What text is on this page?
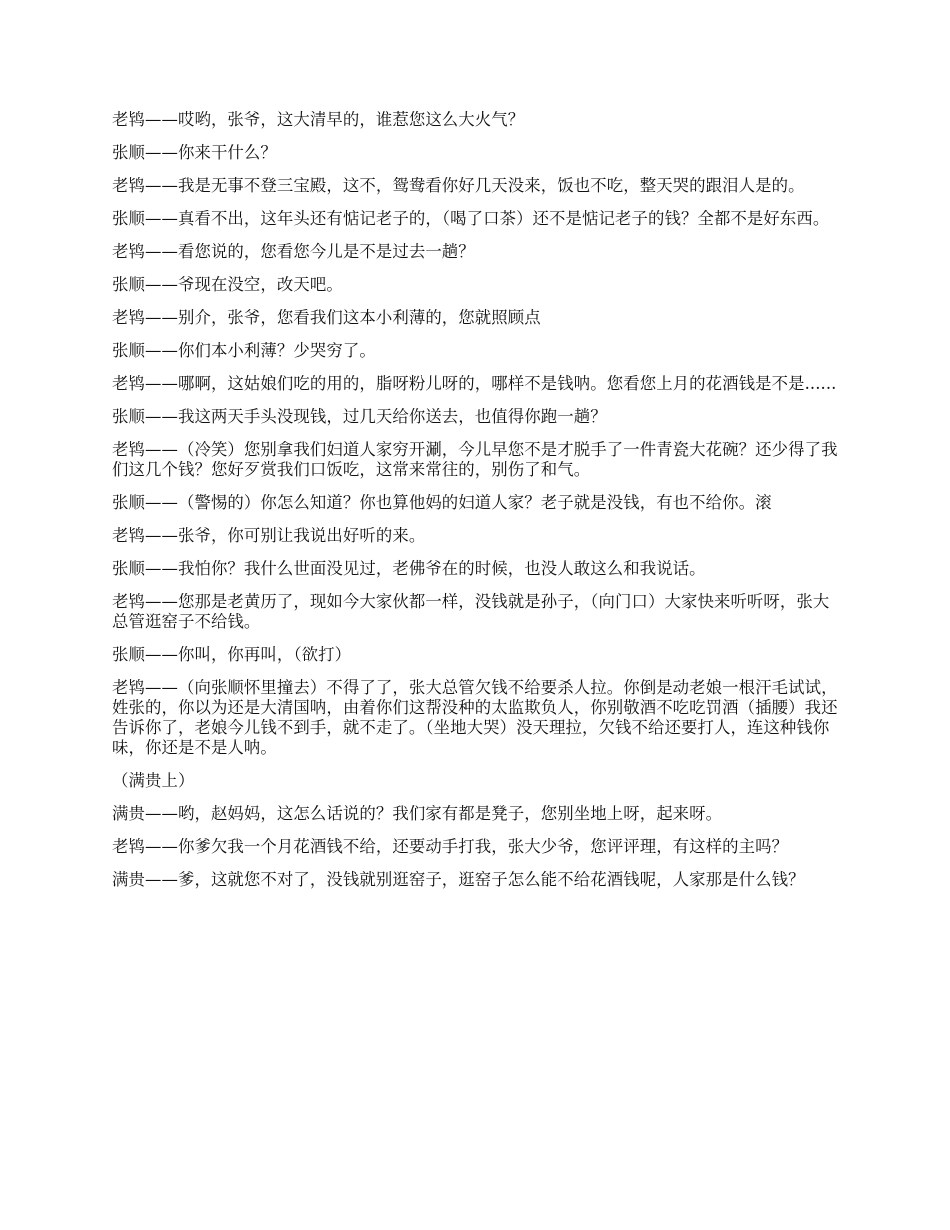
老鸨——哎哟，张爷，这大清早的，谁惹您这么大火气？

张顺——你来干什么？

老鸨——我是无事不登三宝殿，这不，鸳鸯看你好几天没来，饭也不吃，整天哭的跟泪人是的。

张顺——真看不出，这年头还有惦记老子的，（喝了口茶）还不是惦记老子的钱？全都不是好东西。

老鸨——看您说的，您看您今儿是不是过去一趟？

张顺——爷现在没空，改天吧。

老鸨——别介，张爷，您看我们这本小利薄的，您就照顾点

张顺——你们本小利薄？少哭穷了。

老鸨——哪啊，这姑娘们吃的用的，脂呀粉儿呀的，哪样不是钱呐。您看您上月的花酒钱是不是......

张顺——我这两天手头没现钱，过几天给你送去，也值得你跑一趟？

老鸨——（冷笑）您别拿我们妇道人家穷开涮，今儿早您不是才脱手了一件青瓷大花碗？还少得了我们这几个钱？您好歹赏我们口饭吃，这常来常往的，别伤了和气。

张顺——（警惕的）你怎么知道？你也算他妈的妇道人家？老子就是没钱，有也不给你。滚

老鸨——张爷，你可别让我说出好听的来。

张顺——我怕你？我什么世面没见过，老佛爷在的时候，也没人敢这么和我说话。

老鸨——您那是老黄历了，现如今大家伙都一样，没钱就是孙子，（向门口）大家快来听听呀，张大总管逛窑子不给钱。

张顺——你叫，你再叫，（欲打）

老鸨——（向张顺怀里撞去）不得了了，张大总管欠钱不给要杀人拉。你倒是动老娘一根汗毛试试，姓张的，你以为还是大清国呐，由着你们这帮没种的太监欺负人，你别敬酒不吃吃罚酒（插腰）我还告诉你了，老娘今儿钱不到手，就不走了。（坐地大哭）没天理拉，欠钱不给还要打人，连这种钱你味，你还是不是人呐。

（满贵上）

满贵——哟，赵妈妈，这怎么话说的？我们家有都是凳子，您别坐地上呀，起来呀。

老鸨——你爹欠我一个月花酒钱不给，还要动手打我，张大少爷，您评评理，有这样的主吗？

满贵——爹，这就您不对了，没钱就别逛窑子，逛窑子怎么能不给花酒钱呢，人家那是什么钱？
